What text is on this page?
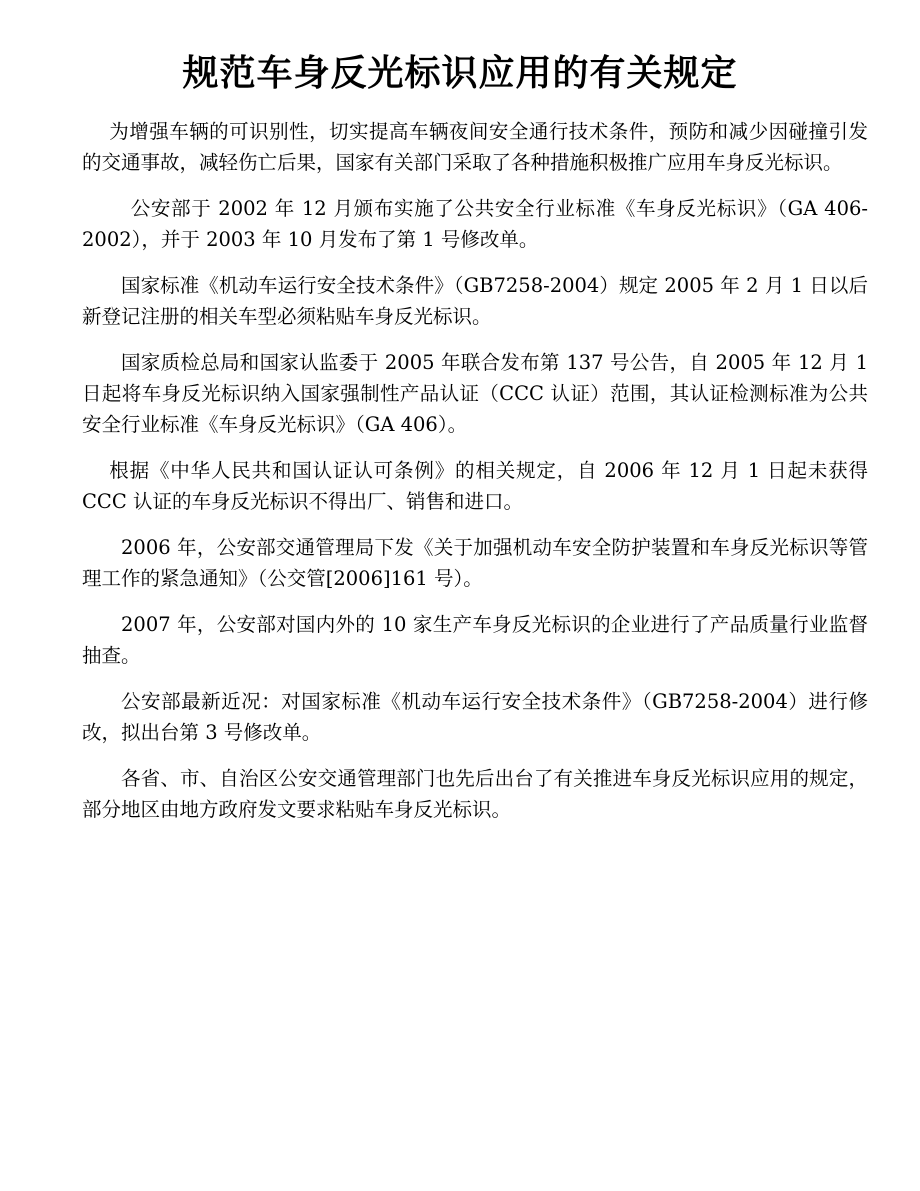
规范车身反光标识应用的有关规定

为增强车辆的可识别性，切实提高车辆夜间安全通行技术条件，预防和减少因碰撞引发的交通事故，减轻伤亡后果，国家有关部门采取了各种措施积极推广应用车身反光标识。

公安部于 2002 年 12 月颁布实施了公共安全行业标准《车身反光标识》（GA 406-2002），并于 2003 年 10 月发布了第 1 号修改单。

国家标准《机动车运行安全技术条件》（GB7258-2004）规定 2005 年 2 月 1 日以后新登记注册的相关车型必须粘贴车身反光标识。

国家质检总局和国家认监委于 2005 年联合发布第 137 号公告，自 2005 年 12 月 1 日起将车身反光标识纳入国家强制性产品认证（CCC 认证）范围，其认证检测标准为公共安全行业标准《车身反光标识》（GA 406）。

根据《中华人民共和国认证认可条例》的相关规定，自 2006 年 12 月 1 日起未获得 CCC 认证的车身反光标识不得出厂、销售和进口。

2006 年，公安部交通管理局下发《关于加强机动车安全防护装置和车身反光标识等管理工作的紧急通知》（公交管[2006]161 号）。

2007 年，公安部对国内外的 10 家生产车身反光标识的企业进行了产品质量行业监督抽查。

公安部最新近况：对国家标准《机动车运行安全技术条件》（GB7258-2004）进行修改，拟出台第 3 号修改单。

各省、市、自治区公安交通管理部门也先后出台了有关推进车身反光标识应用的规定，部分地区由地方政府发文要求粘贴车身反光标识。
